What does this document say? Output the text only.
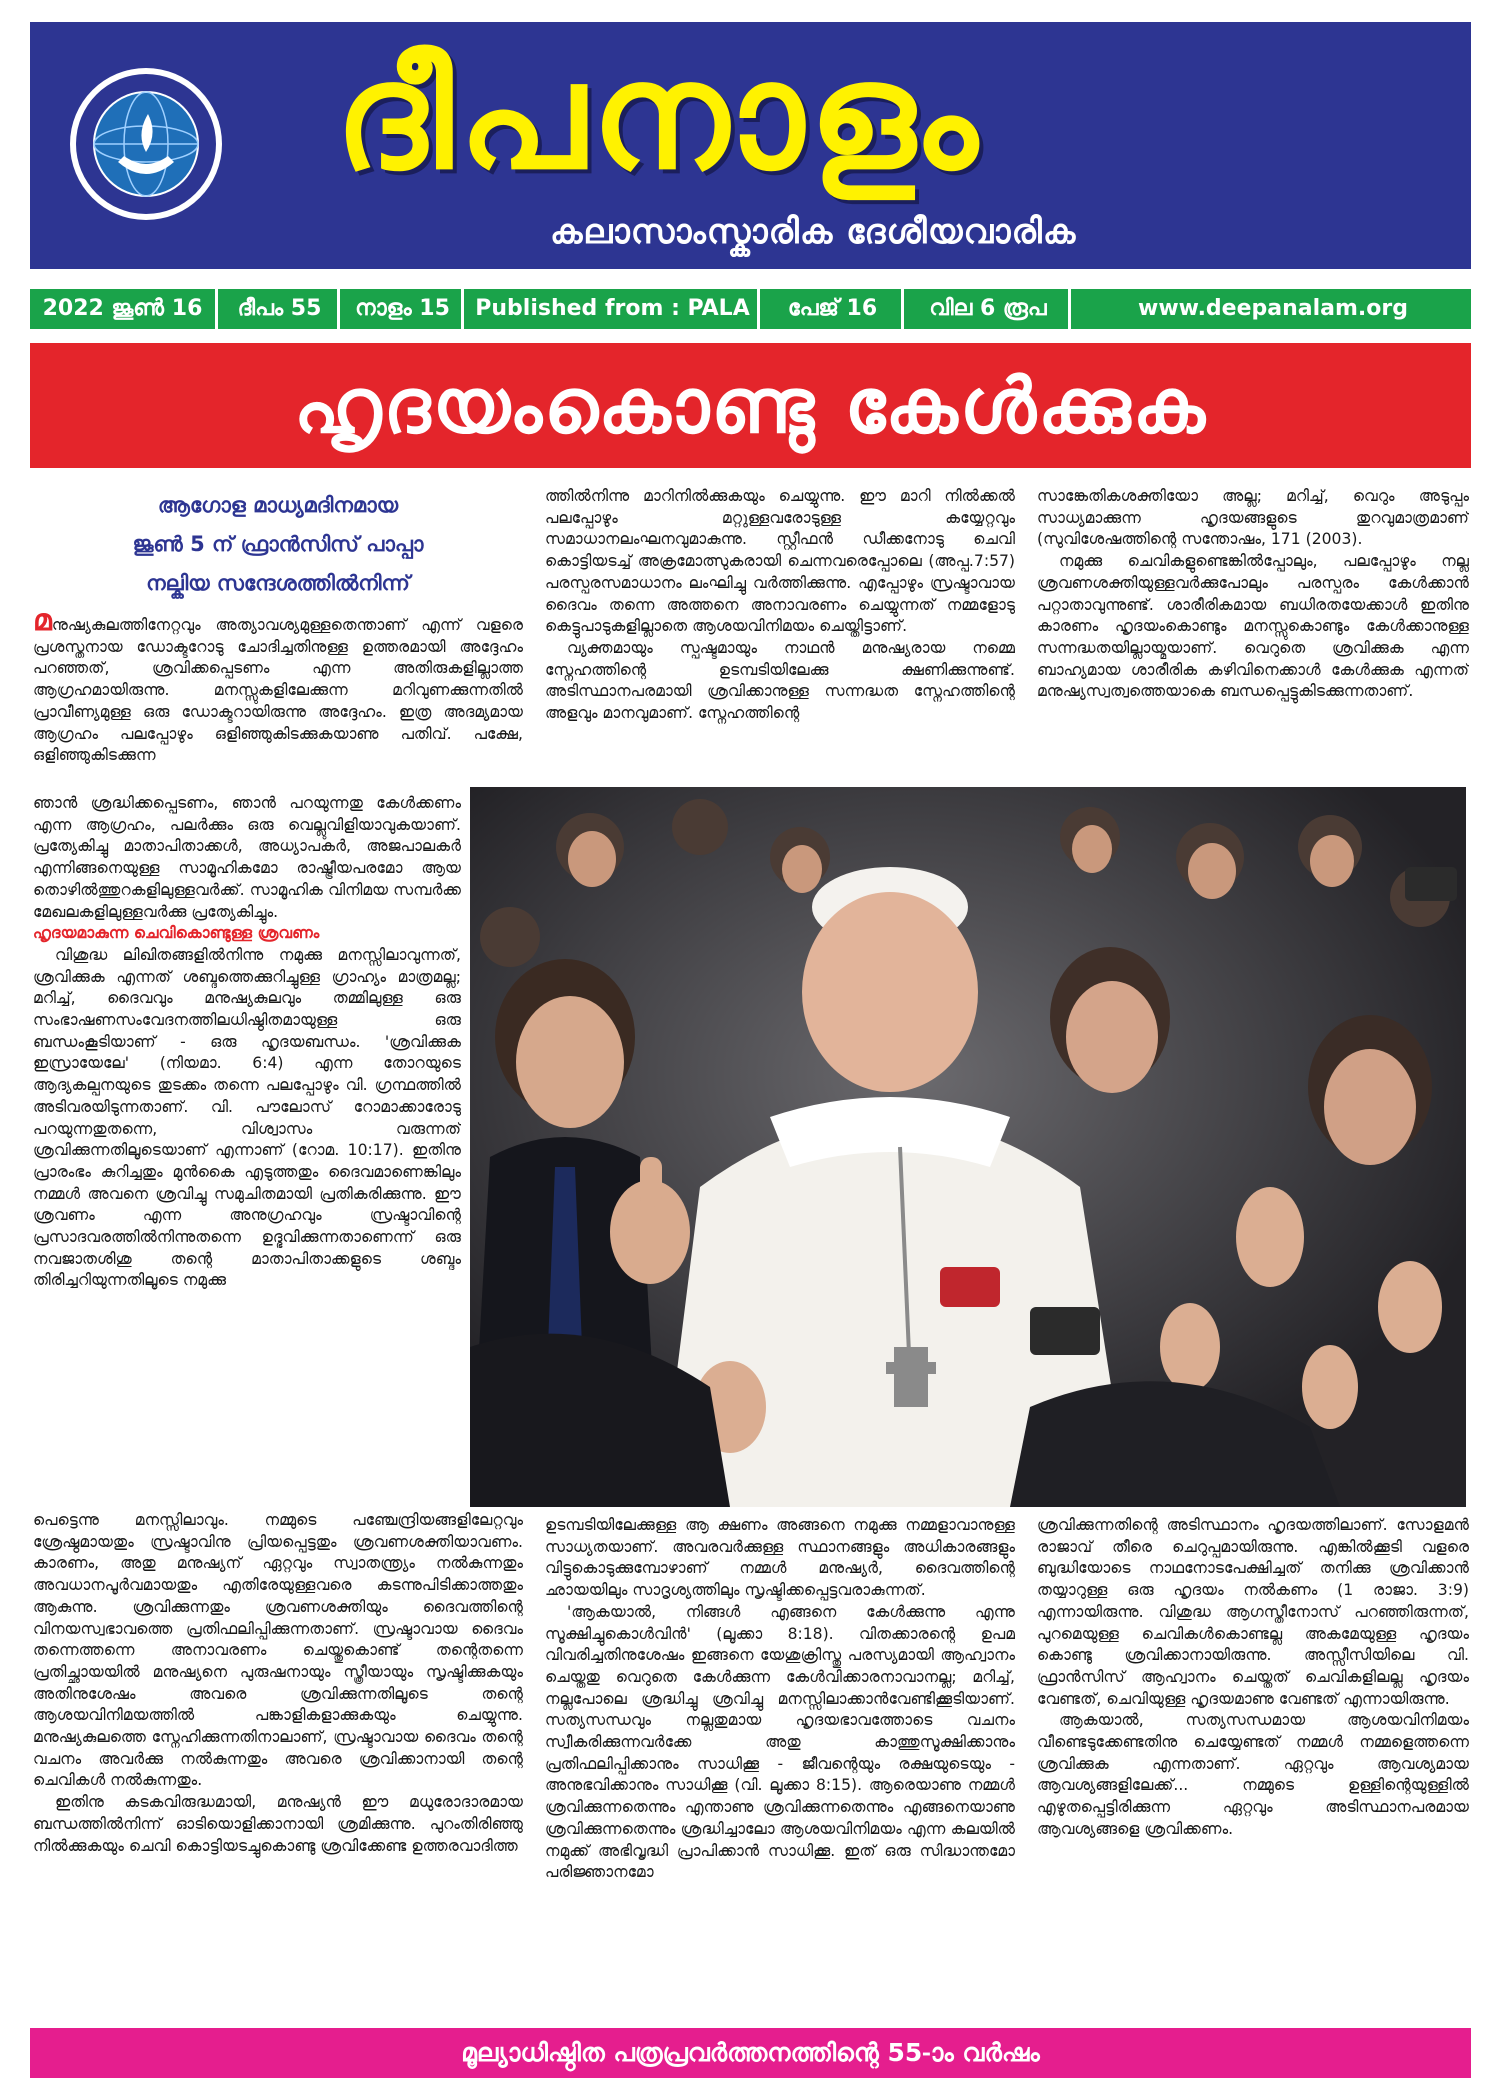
ദീപനാളം
കലാസാംസ്കാരിക ദേശീയവാരിക
2022 ജൂൺ 16	ദീപം 55	നാളം 15	Published from : PALA	പേജ് 16	വില 6 രൂപ	www.deepanalam.org
ഹൃദയംകൊണ്ടു കേൾക്കുക
ആഗോള മാധ്യമദിനമായ
ജൂൺ 5 ന് ഫ്രാൻസിസ് പാപ്പാ
നല്കിയ സന്ദേശത്തിൽനിന്ന്

മനുഷ്യകുലത്തിനേറ്റവും അത്യാവശ്യമുള്ളതെന്താണ് എന്ന് വളരെ പ്രശസ്തനായ ഡോക്ടറോടു ചോദിച്ചതിനുള്ള ഉത്തരമായി അദ്ദേഹം പറഞ്ഞത്, ശ്രവിക്കപ്പെടണം എന്ന അതിരുകളില്ലാത്ത ആഗ്രഹമായിരുന്നു. മനസ്സുകളിലേക്കുന്ന മറിവുണക്കുന്നതിൽ പ്രാവീണ്യമുള്ള ഒരു ഡോക്ടറായിരുന്നു അദ്ദേഹം. ഇത്ര അദമ്യമായ ആഗ്രഹം പലപ്പോഴും ഒളിഞ്ഞുകിടക്കുകയാണു പതിവ്. പക്ഷേ, ഒളിഞ്ഞുകിടക്കുന്ന

ഞാൻ ശ്രദ്ധിക്കപ്പെടണം, ഞാൻ പറയുന്നതു കേൾക്കണം എന്ന ആഗ്രഹം, പലർക്കും ഒരു വെല്ലുവിളിയാവുകയാണ്. പ്രത്യേകിച്ചു മാതാപിതാക്കൾ, അധ്യാപകർ, അജപാലകർ എന്നിങ്ങനെയുള്ള സാമൂഹികമോ രാഷ്ട്രീയപരമോ ആയ തൊഴിൽത്തുറകളിലുള്ളവർക്ക്. സാമൂഹിക വിനിമയ സമ്പർക്ക മേഖലകളിലുള്ളവർക്കു പ്രത്യേകിച്ചും.

ഹൃദയമാകുന്ന ചെവികൊണ്ടുള്ള ശ്രവണം

വിശുദ്ധ ലിഖിതങ്ങളിൽനിന്നു നമുക്കു മനസ്സിലാവുന്നത്, ശ്രവിക്കുക എന്നത് ശബ്ദത്തെക്കുറിച്ചുള്ള ഗ്രാഹ്യം മാത്രമല്ല; മറിച്ച്, ദൈവവും മനുഷ്യകുലവും തമ്മിലുള്ള ഒരു സംഭാഷണസംവേദനത്തിലധിഷ്ഠിതമായുള്ള ഒരു ബന്ധംകൂടിയാണ് - ഒരു ഹൃദയബന്ധം. 'ശ്രവിക്കുക ഇസ്രായേലേ' (നിയമാ. 6:4) എന്ന തോറയുടെ ആദ്യകല്പനയുടെ തുടക്കം തന്നെ പലപ്പോഴും വി. ഗ്രന്ഥത്തിൽ അടിവരയിടുന്നതാണ്. വി. പൗലോസ് റോമാക്കാരോടു പറയുന്നതുതന്നെ, വിശ്വാസം വരുന്നത് ശ്രവിക്കുന്നതിലൂടെയാണ് എന്നാണ് (റോമ. 10:17). ഇതിനു പ്രാരംഭം കുറിച്ചതും മുൻകൈ എടുത്തതും ദൈവമാണെങ്കിലും നമ്മൾ അവനെ ശ്രവിച്ചു സമുചിതമായി പ്രതികരിക്കുന്നു. ഈ ശ്രവണം എന്ന അനുഗ്രഹവും സ്രഷ്ടാവിന്റെ പ്രസാദവരത്തിൽനിന്നുതന്നെ ഉദ്ഭവിക്കുന്നതാണെന്ന് ഒരു നവജാതശിശു തന്റെ മാതാപിതാക്കളുടെ ശബ്ദം തിരിച്ചറിയുന്നതിലൂടെ നമുക്കു

പെട്ടെന്നു മനസ്സിലാവും. നമ്മുടെ പഞ്ചേന്ദ്രിയങ്ങളിലേറ്റവും ശ്രേഷ്ഠമായതും സ്രഷ്ടാവിനു പ്രിയപ്പെട്ടതും ശ്രവണശക്തിയാവണം. കാരണം, അതു മനുഷ്യന് ഏറ്റവും സ്വാതന്ത്ര്യം നൽകുന്നതും അവധാനപൂർവമായതും എതിരേയുള്ളവരെ കടന്നുപിടിക്കാത്തതും ആകുന്നു. ശ്രവിക്കുന്നതും ശ്രവണശക്തിയും ദൈവത്തിന്റെ വിനയസ്വഭാവത്തെ പ്രതിഫലിപ്പിക്കുന്നതാണ്. സ്രഷ്ടാവായ ദൈവം തന്നെത്തന്നെ അനാവരണം ചെയ്തുകൊണ്ട് തന്റെതന്നെ പ്രതിച്ഛായയിൽ മനുഷ്യനെ പുരുഷനായും സ്ത്രീയായും സൃഷ്ടിക്കുകയും അതിനുശേഷം അവരെ ശ്രവിക്കുന്നതിലൂടെ തന്റെ ആശയവിനിമയത്തിൽ പങ്കാളികളാക്കുകയും ചെയ്യുന്നു. മനുഷ്യകുലത്തെ സ്നേഹിക്കുന്നതിനാലാണ്, സ്രഷ്ടാവായ ദൈവം തന്റെ വചനം അവർക്കു നൽകുന്നതും അവരെ ശ്രവിക്കാനായി തന്റെ ചെവികൾ നൽകുന്നതും.

ഇതിനു കടകവിരുദ്ധമായി, മനുഷ്യൻ ഈ മധുരോദാരമായ ബന്ധത്തിൽനിന്ന് ഓടിയൊളിക്കാനായി ശ്രമിക്കുന്നു. പുറംതിരിഞ്ഞു നിൽക്കുകയും ചെവി കൊട്ടിയടച്ചുകൊണ്ടു ശ്രവിക്കേണ്ട ഉത്തരവാദിത്ത

ത്തിൽനിന്നു മാറിനിൽക്കുകയും ചെയ്യുന്നു. ഈ മാറി നിൽക്കൽ പലപ്പോഴും മറ്റുള്ളവരോടുള്ള കയ്യേറ്റവും സമാധാനലംഘനവുമാകുന്നു. സ്റ്റീഫൻ ഡീക്കനോടു ചെവി കൊട്ടിയടച്ച് അക്രമോത്സുകരായി ചെന്നവരെപ്പോലെ (അപ്പ.7:57) പരസ്പരസമാധാനം ലംഘിച്ചു വർത്തിക്കുന്നു. എപ്പോഴും സ്രഷ്ടാവായ ദൈവം തന്നെ അത്തനെ അനാവരണം ചെയ്യുന്നത് നമ്മളോടു കെട്ടുപാടുകളില്ലാതെ ആശയവിനിമയം ചെയ്തിട്ടാണ്.

വ്യക്തമായും സ്പഷ്ടമായും നാഥൻ മനുഷ്യരായ നമ്മെ സ്നേഹത്തിന്റെ ഉടമ്പടിയിലേക്കു ക്ഷണിക്കുന്നുണ്ട്. അടിസ്ഥാനപരമായി ശ്രവിക്കാനുള്ള സന്നദ്ധത സ്നേഹത്തിന്റെ അളവും മാനവുമാണ്. സ്നേഹത്തിന്റെ

ഉടമ്പടിയിലേക്കുള്ള ആ ക്ഷണം അങ്ങനെ നമുക്കു നമ്മളാവാനുള്ള സാധ്യതയാണ്. അവരവർക്കുള്ള സ്ഥാനങ്ങളും അധികാരങ്ങളും വിട്ടുകൊടുക്കുമ്പോഴാണ് നമ്മൾ മനുഷ്യർ, ദൈവത്തിന്റെ ഛായയിലും സാദൃശ്യത്തിലും സൃഷ്ടിക്കപ്പെട്ടവരാകുന്നത്.

'ആകയാൽ, നിങ്ങൾ എങ്ങനെ കേൾക്കുന്നു എന്നു സൂക്ഷിച്ചുകൊൾവിൻ' (ലൂക്കാ 8:18). വിതക്കാരന്റെ ഉപമ വിവരിച്ചതിനുശേഷം ഇങ്ങനെ യേശുക്രിസ്തു പരസ്യമായി ആഹ്വാനം ചെയ്തതു വെറുതെ കേൾക്കുന്ന കേൾവിക്കാരനാവാനല്ല; മറിച്ച്, നല്ലപോലെ ശ്രദ്ധിച്ചു ശ്രവിച്ചു മനസ്സിലാക്കാൻവേണ്ടിക്കൂടിയാണ്. സത്യസന്ധവും നല്ലതുമായ ഹൃദയഭാവത്തോടെ വചനം സ്വീകരിക്കുന്നവർക്കേ അതു കാത്തുസൂക്ഷിക്കാനും പ്രതിഫലിപ്പിക്കാനും സാധിക്കൂ - ജീവന്റെയും രക്ഷയുടെയും - അനുഭവിക്കാനും സാധിക്കൂ (വി. ലൂക്കാ 8:15). ആരെയാണു നമ്മൾ ശ്രവിക്കുന്നതെന്നും എന്താണു ശ്രവിക്കുന്നതെന്നും എങ്ങനെയാണു ശ്രവിക്കുന്നതെന്നും ശ്രദ്ധിച്ചാലോ ആശയവിനിമയം എന്ന കലയിൽ നമുക്ക് അഭിവൃദ്ധി പ്രാപിക്കാൻ സാധിക്കൂ. ഇത് ഒരു സിദ്ധാന്തമോ പരിജ്ഞാനമോ

സാങ്കേതികശക്തിയോ അല്ല; മറിച്ച്, വെറും അടുപ്പം സാധ്യമാക്കുന്ന ഹൃദയങ്ങളുടെ തുറവുമാത്രമാണ് (സുവിശേഷത്തിന്റെ സന്തോഷം, 171 (2003).

നമുക്കു ചെവികളുണ്ടെങ്കിൽപ്പോലും, പലപ്പോഴും നല്ല ശ്രവണശക്തിയുള്ളവർക്കുപോലും പരസ്പരം കേൾക്കാൻ പറ്റാതാവുന്നുണ്ട്. ശാരീരികമായ ബധിരതയേക്കാൾ ഇതിനു കാരണം ഹൃദയംകൊണ്ടും മനസ്സുകൊണ്ടും കേൾക്കാനുള്ള സന്നദ്ധതയില്ലായ്മയാണ്. വെറുതെ ശ്രവിക്കുക എന്ന ബാഹ്യമായ ശാരീരിക കഴിവിനെക്കാൾ കേൾക്കുക എന്നത് മനുഷ്യസ്വത്വത്തെയാകെ ബന്ധപ്പെട്ടുകിടക്കുന്നതാണ്.

ശ്രവിക്കുന്നതിന്റെ അടിസ്ഥാനം ഹൃദയത്തിലാണ്. സോളമൻ രാജാവ് തീരെ ചെറുപ്പമായിരുന്നു. എങ്കിൽക്കൂടി വളരെ ബുദ്ധിയോടെ നാഥനോടപേക്ഷിച്ചത് തനിക്കു ശ്രവിക്കാൻ തയ്യാറുള്ള ഒരു ഹൃദയം നൽകണം (1 രാജാ. 3:9) എന്നായിരുന്നു. വിശുദ്ധ ആഗസ്തീനോസ് പറഞ്ഞിരുന്നത്, പുറമെയുള്ള ചെവികൾകൊണ്ടല്ല അകമേയുള്ള ഹൃദയം കൊണ്ടു ശ്രവിക്കാനായിരുന്നു. അസ്സീസിയിലെ വി. ഫ്രാൻസിസ് ആഹ്വാനം ചെയ്തത് ചെവികളിലല്ല ഹൃദയം വേണ്ടത്, ചെവിയുള്ള ഹൃദയമാണു വേണ്ടത് എന്നായിരുന്നു.

ആകയാൽ, സത്യസന്ധമായ ആശയവിനിമയം വീണ്ടെടുക്കേണ്ടതിനു ചെയ്യേണ്ടത് നമ്മൾ നമ്മളെത്തന്നെ ശ്രവിക്കുക എന്നതാണ്. ഏറ്റവും ആവശ്യമായ ആവശ്യങ്ങളിലേക്ക്... നമ്മുടെ ഉള്ളിന്റെയുള്ളിൽ എഴുതപ്പെട്ടിരിക്കുന്ന ഏറ്റവും അടിസ്ഥാനപരമായ ആവശ്യങ്ങളെ ശ്രവിക്കണം.

മൂല്യാധിഷ്ഠിത പത്രപ്രവർത്തനത്തിന്റെ 55-ാം വർഷം
